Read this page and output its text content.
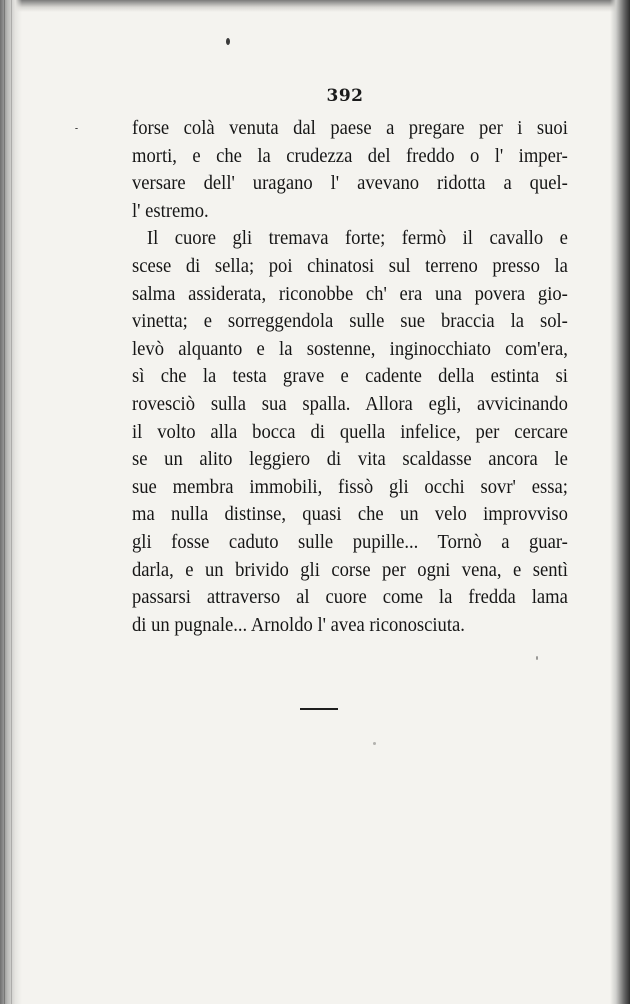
392
forse colà venuta dal paese a pregare per i suoi
morti, e che la crudezza del freddo o l' imper-
versare dell' uragano l' avevano ridotta a quel-
l' estremo.
Il cuore gli tremava forte; fermò il cavallo e
scese di sella; poi chinatosi sul terreno presso la
salma assiderata, riconobbe ch' era una povera gio-
vinetta; e sorreggendola sulle sue braccia la sol-
levò alquanto e la sostenne, inginocchiato com'era,
sì che la testa grave e cadente della estinta si
rovesciò sulla sua spalla. Allora egli, avvicinando
il volto alla bocca di quella infelice, per cercare
se un alito leggiero di vita scaldasse ancora le
sue membra immobili, fissò gli occhi sovr' essa;
ma nulla distinse, quasi che un velo improvviso
gli fosse caduto sulle pupille... Tornò a guar-
darla, e un brivido gli corse per ogni vena, e sentì
passarsi attraverso al cuore come la fredda lama
di un pugnale... Arnoldo l' avea riconosciuta.
